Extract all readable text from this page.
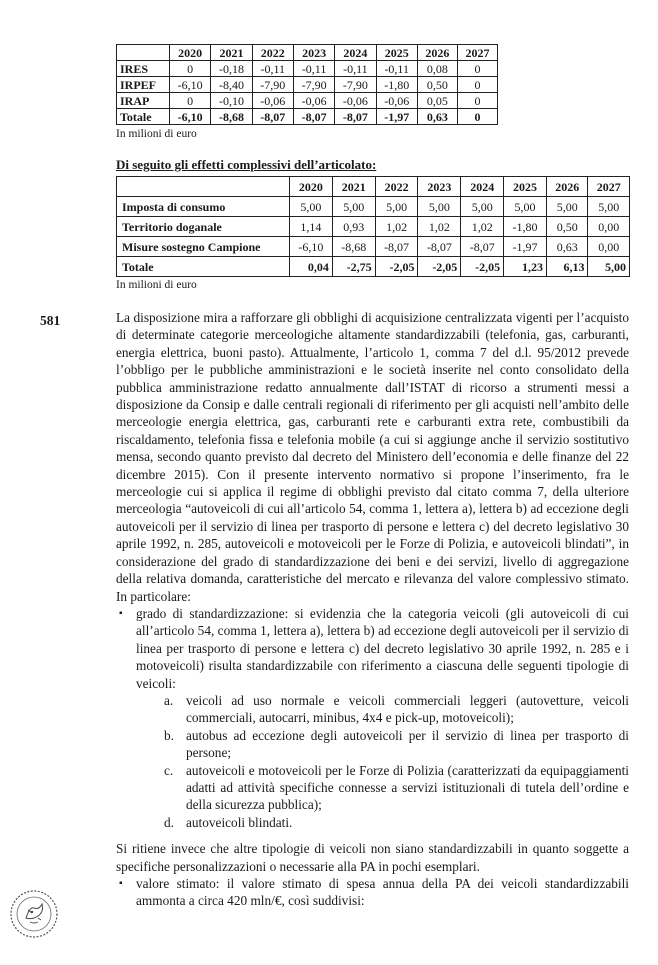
	2020	2021	2022	2023	2024	2025	2026	2027
IRES	0	-0,18	-0,11	-0,11	-0,11	-0,11	0,08	0
IRPEF	-6,10	-8,40	-7,90	-7,90	-7,90	-1,80	0,50	0
IRAP	0	-0,10	-0,06	-0,06	-0,06	-0,06	0,05	0
Totale	-6,10	-8,68	-8,07	-8,07	-8,07	-1,97	0,63	0
In milioni di euro
Di seguito gli effetti complessivi dell’articolato:
	2020	2021	2022	2023	2024	2025	2026	2027
Imposta di consumo	5,00	5,00	5,00	5,00	5,00	5,00	5,00	5,00
Territorio doganale	1,14	0,93	1,02	1,02	1,02	-1,80	0,50	0,00
Misure sostegno Campione	-6,10	-8,68	-8,07	-8,07	-8,07	-1,97	0,63	0,00
Totale	0,04	-2,75	-2,05	-2,05	-2,05	1,23	6,13	5,00
In milioni di euro
581	La disposizione mira a rafforzare gli obblighi di acquisizione centralizzata vigenti per l’acquisto di determinate categorie merceologiche altamente standardizzabili (telefonia, gas, carburanti, energia elettrica, buoni pasto). Attualmente, l’articolo 1, comma 7 del d.l. 95/2012 prevede l’obbligo per le pubbliche amministrazioni e le società inserite nel conto consolidato della pubblica amministrazione redatto annualmente dall’ISTAT di ricorso a strumenti messi a disposizione da Consip e dalle centrali regionali di riferimento per gli acquisti nell’ambito delle merceologie energia elettrica, gas, carburanti rete e carburanti extra rete, combustibili da riscaldamento, telefonia fissa e telefonia mobile (a cui si aggiunge anche il servizio sostitutivo mensa, secondo quanto previsto dal decreto del Ministero dell’economia e delle finanze del 22 dicembre 2015). Con il presente intervento normativo si propone l’inserimento, fra le merceologie cui si applica il regime di obblighi previsto dal citato comma 7, della ulteriore merceologia “autoveicoli di cui all’articolo 54, comma 1, lettera a), lettera b) ad eccezione degli autoveicoli per il servizio di linea per trasporto di persone e lettera c) del decreto legislativo 30 aprile 1992, n. 285, autoveicoli e motoveicoli per le Forze di Polizia, e autoveicoli blindati”, in considerazione del grado di standardizzazione dei beni e dei servizi, livello di aggregazione della relativa domanda, caratteristiche del mercato e rilevanza del valore complessivo stimato. In particolare:

▪ grado di standardizzazione: si evidenzia che la categoria veicoli (gli autoveicoli di cui all’articolo 54, comma 1, lettera a), lettera b) ad eccezione degli autoveicoli per il servizio di linea per trasporto di persone e lettera c) del decreto legislativo 30 aprile 1992, n. 285 e i motoveicoli) risulta standardizzabile con riferimento a ciascuna delle seguenti tipologie di veicoli:
a. veicoli ad uso normale e veicoli commerciali leggeri (autovetture, veicoli commerciali, autocarri, minibus, 4x4 e pick-up, motoveicoli);
b. autobus ad eccezione degli autoveicoli per il servizio di linea per trasporto di persone;
c. autoveicoli e motoveicoli per le Forze di Polizia (caratterizzati da equipaggiamenti adatti ad attività specifiche connesse a servizi istituzionali di tutela dell’ordine e della sicurezza pubblica);
d. autoveicoli blindati.

Si ritiene invece che altre tipologie di veicoli non siano standardizzabili in quanto soggette a specifiche personalizzazioni o necessarie alla PA in pochi esemplari.

▪ valore stimato: il valore stimato di spesa annua della PA dei veicoli standardizzabili ammonta a circa 420 mln/€, così suddivisi:
